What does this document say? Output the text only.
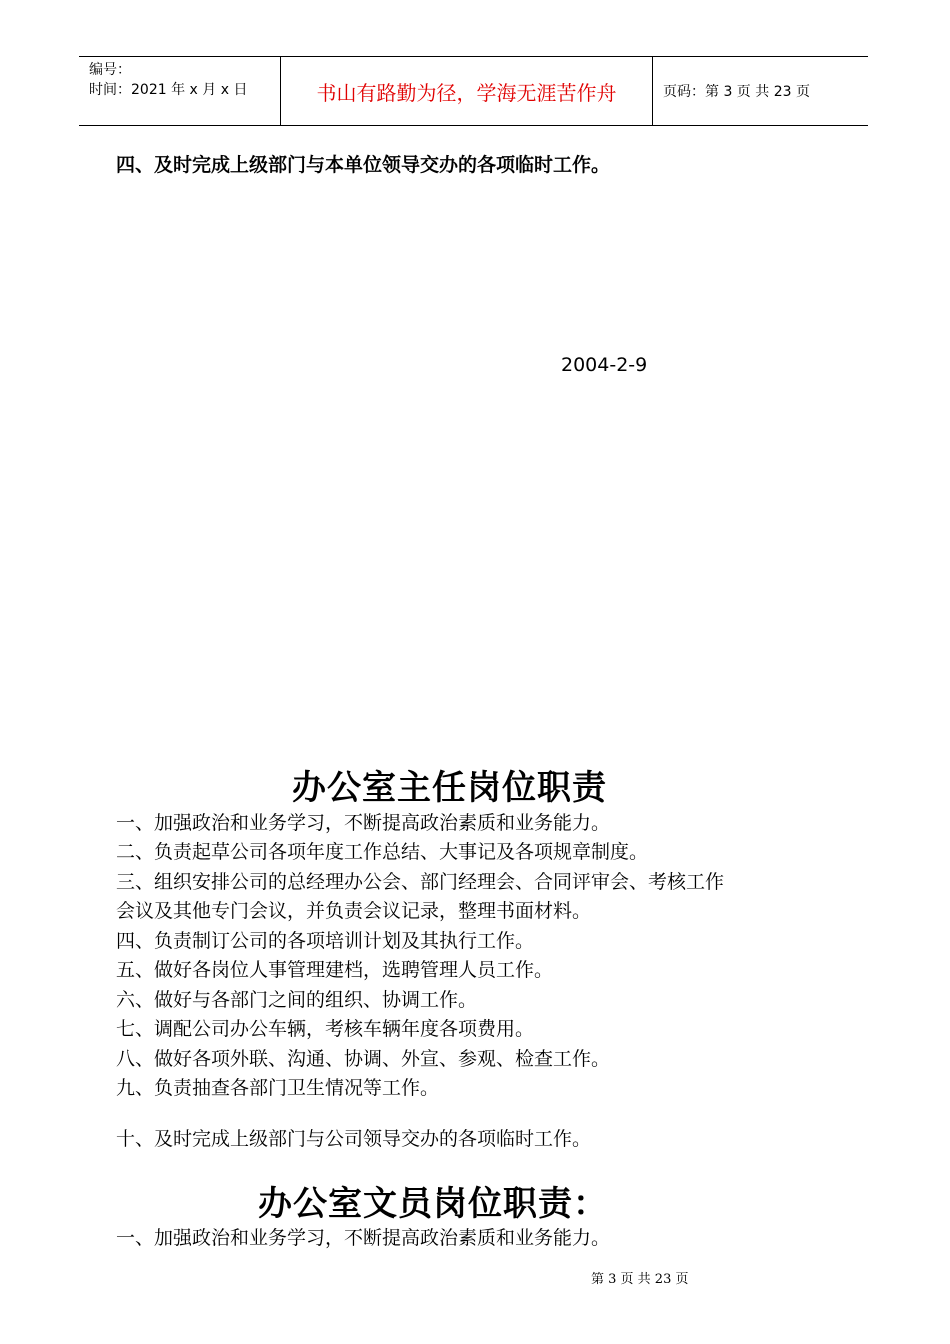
编号：
时间：2021 年 x 月 x 日	书山有路勤为径，学海无涯苦作舟	页码：第 3 页 共 23 页
四、及时完成上级部门与本单位领导交办的各项临时工作。
2004-2-9
办公室主任岗位职责
一、加强政治和业务学习，不断提高政治素质和业务能力。
二、负责起草公司各项年度工作总结、大事记及各项规章制度。
三、组织安排公司的总经理办公会、部门经理会、合同评审会、考核工作
会议及其他专门会议，并负责会议记录，整理书面材料。
四、负责制订公司的各项培训计划及其执行工作。
五、做好各岗位人事管理建档，选聘管理人员工作。
六、做好与各部门之间的组织、协调工作。
七、调配公司办公车辆，考核车辆年度各项费用。
八、做好各项外联、沟通、协调、外宣、参观、检查工作。
九、负责抽查各部门卫生情况等工作。
十、及时完成上级部门与公司领导交办的各项临时工作。
办公室文员岗位职责：
一、加强政治和业务学习，不断提高政治素质和业务能力。
第 3 页 共 23 页
